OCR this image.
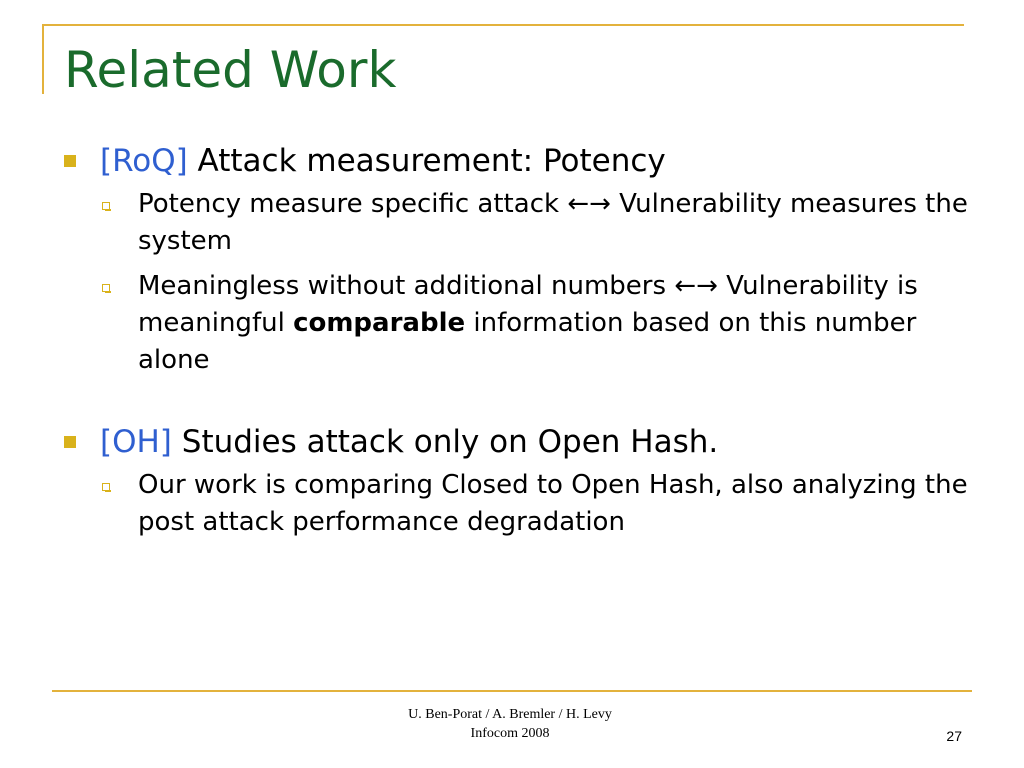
Related Work
[RoQ] Attack measurement: Potency
Potency measure specific attack ←→ Vulnerability measures the system
Meaningless without additional numbers ←→ Vulnerability is meaningful comparable information based on this number alone
[OH] Studies attack only on Open Hash.
Our work is comparing Closed to Open Hash, also analyzing the post attack performance degradation
U. Ben-Porat / A. Bremler / H. Levy
Infocom 2008	27
